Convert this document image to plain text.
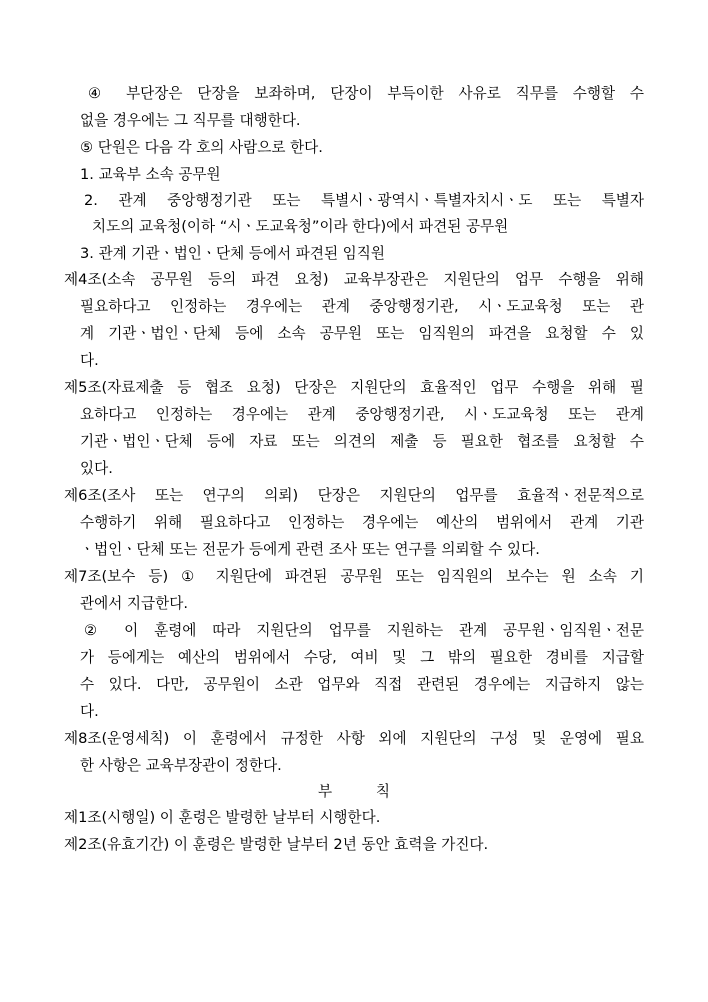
④ 부단장은 단장을 보좌하며, 단장이 부득이한 사유로 직무를 수행할 수
없을 경우에는 그 직무를 대행한다.
⑤ 단원은 다음 각 호의 사람으로 한다.
1. 교육부 소속 공무원
2. 관계 중앙행정기관 또는 특별시ㆍ광역시ㆍ특별자치시ㆍ도 또는 특별자
치도의 교육청(이하 “시ㆍ도교육청”이라 한다)에서 파견된 공무원
3. 관계 기관ㆍ법인ㆍ단체 등에서 파견된 임직원
제4조(소속 공무원 등의 파견 요청) 교육부장관은 지원단의 업무 수행을 위해
필요하다고 인정하는 경우에는 관계 중앙행정기관, 시ㆍ도교육청 또는 관
계 기관ㆍ법인ㆍ단체 등에 소속 공무원 또는 임직원의 파견을 요청할 수 있
다.
제5조(자료제출 등 협조 요청) 단장은 지원단의 효율적인 업무 수행을 위해 필
요하다고 인정하는 경우에는 관계 중앙행정기관, 시ㆍ도교육청 또는 관계
기관ㆍ법인ㆍ단체 등에 자료 또는 의견의 제출 등 필요한 협조를 요청할 수
있다.
제6조(조사 또는 연구의 의뢰) 단장은 지원단의 업무를 효율적ㆍ전문적으로
수행하기 위해 필요하다고 인정하는 경우에는 예산의 범위에서 관계 기관
ㆍ법인ㆍ단체 또는 전문가 등에게 관련 조사 또는 연구를 의뢰할 수 있다.
제7조(보수 등) ① 지원단에 파견된 공무원 또는 임직원의 보수는 원 소속 기
관에서 지급한다.
② 이 훈령에 따라 지원단의 업무를 지원하는 관계 공무원ㆍ임직원ㆍ전문
가 등에게는 예산의 범위에서 수당, 여비 및 그 밖의 필요한 경비를 지급할
수 있다. 다만, 공무원이 소관 업무와 직접 관련된 경우에는 지급하지 않는
다.
제8조(운영세칙) 이 훈령에서 규정한 사항 외에 지원단의 구성 및 운영에 필요
한 사항은 교육부장관이 정한다.
부　　　칙
제1조(시행일) 이 훈령은 발령한 날부터 시행한다.
제2조(유효기간) 이 훈령은 발령한 날부터 2년 동안 효력을 가진다.
